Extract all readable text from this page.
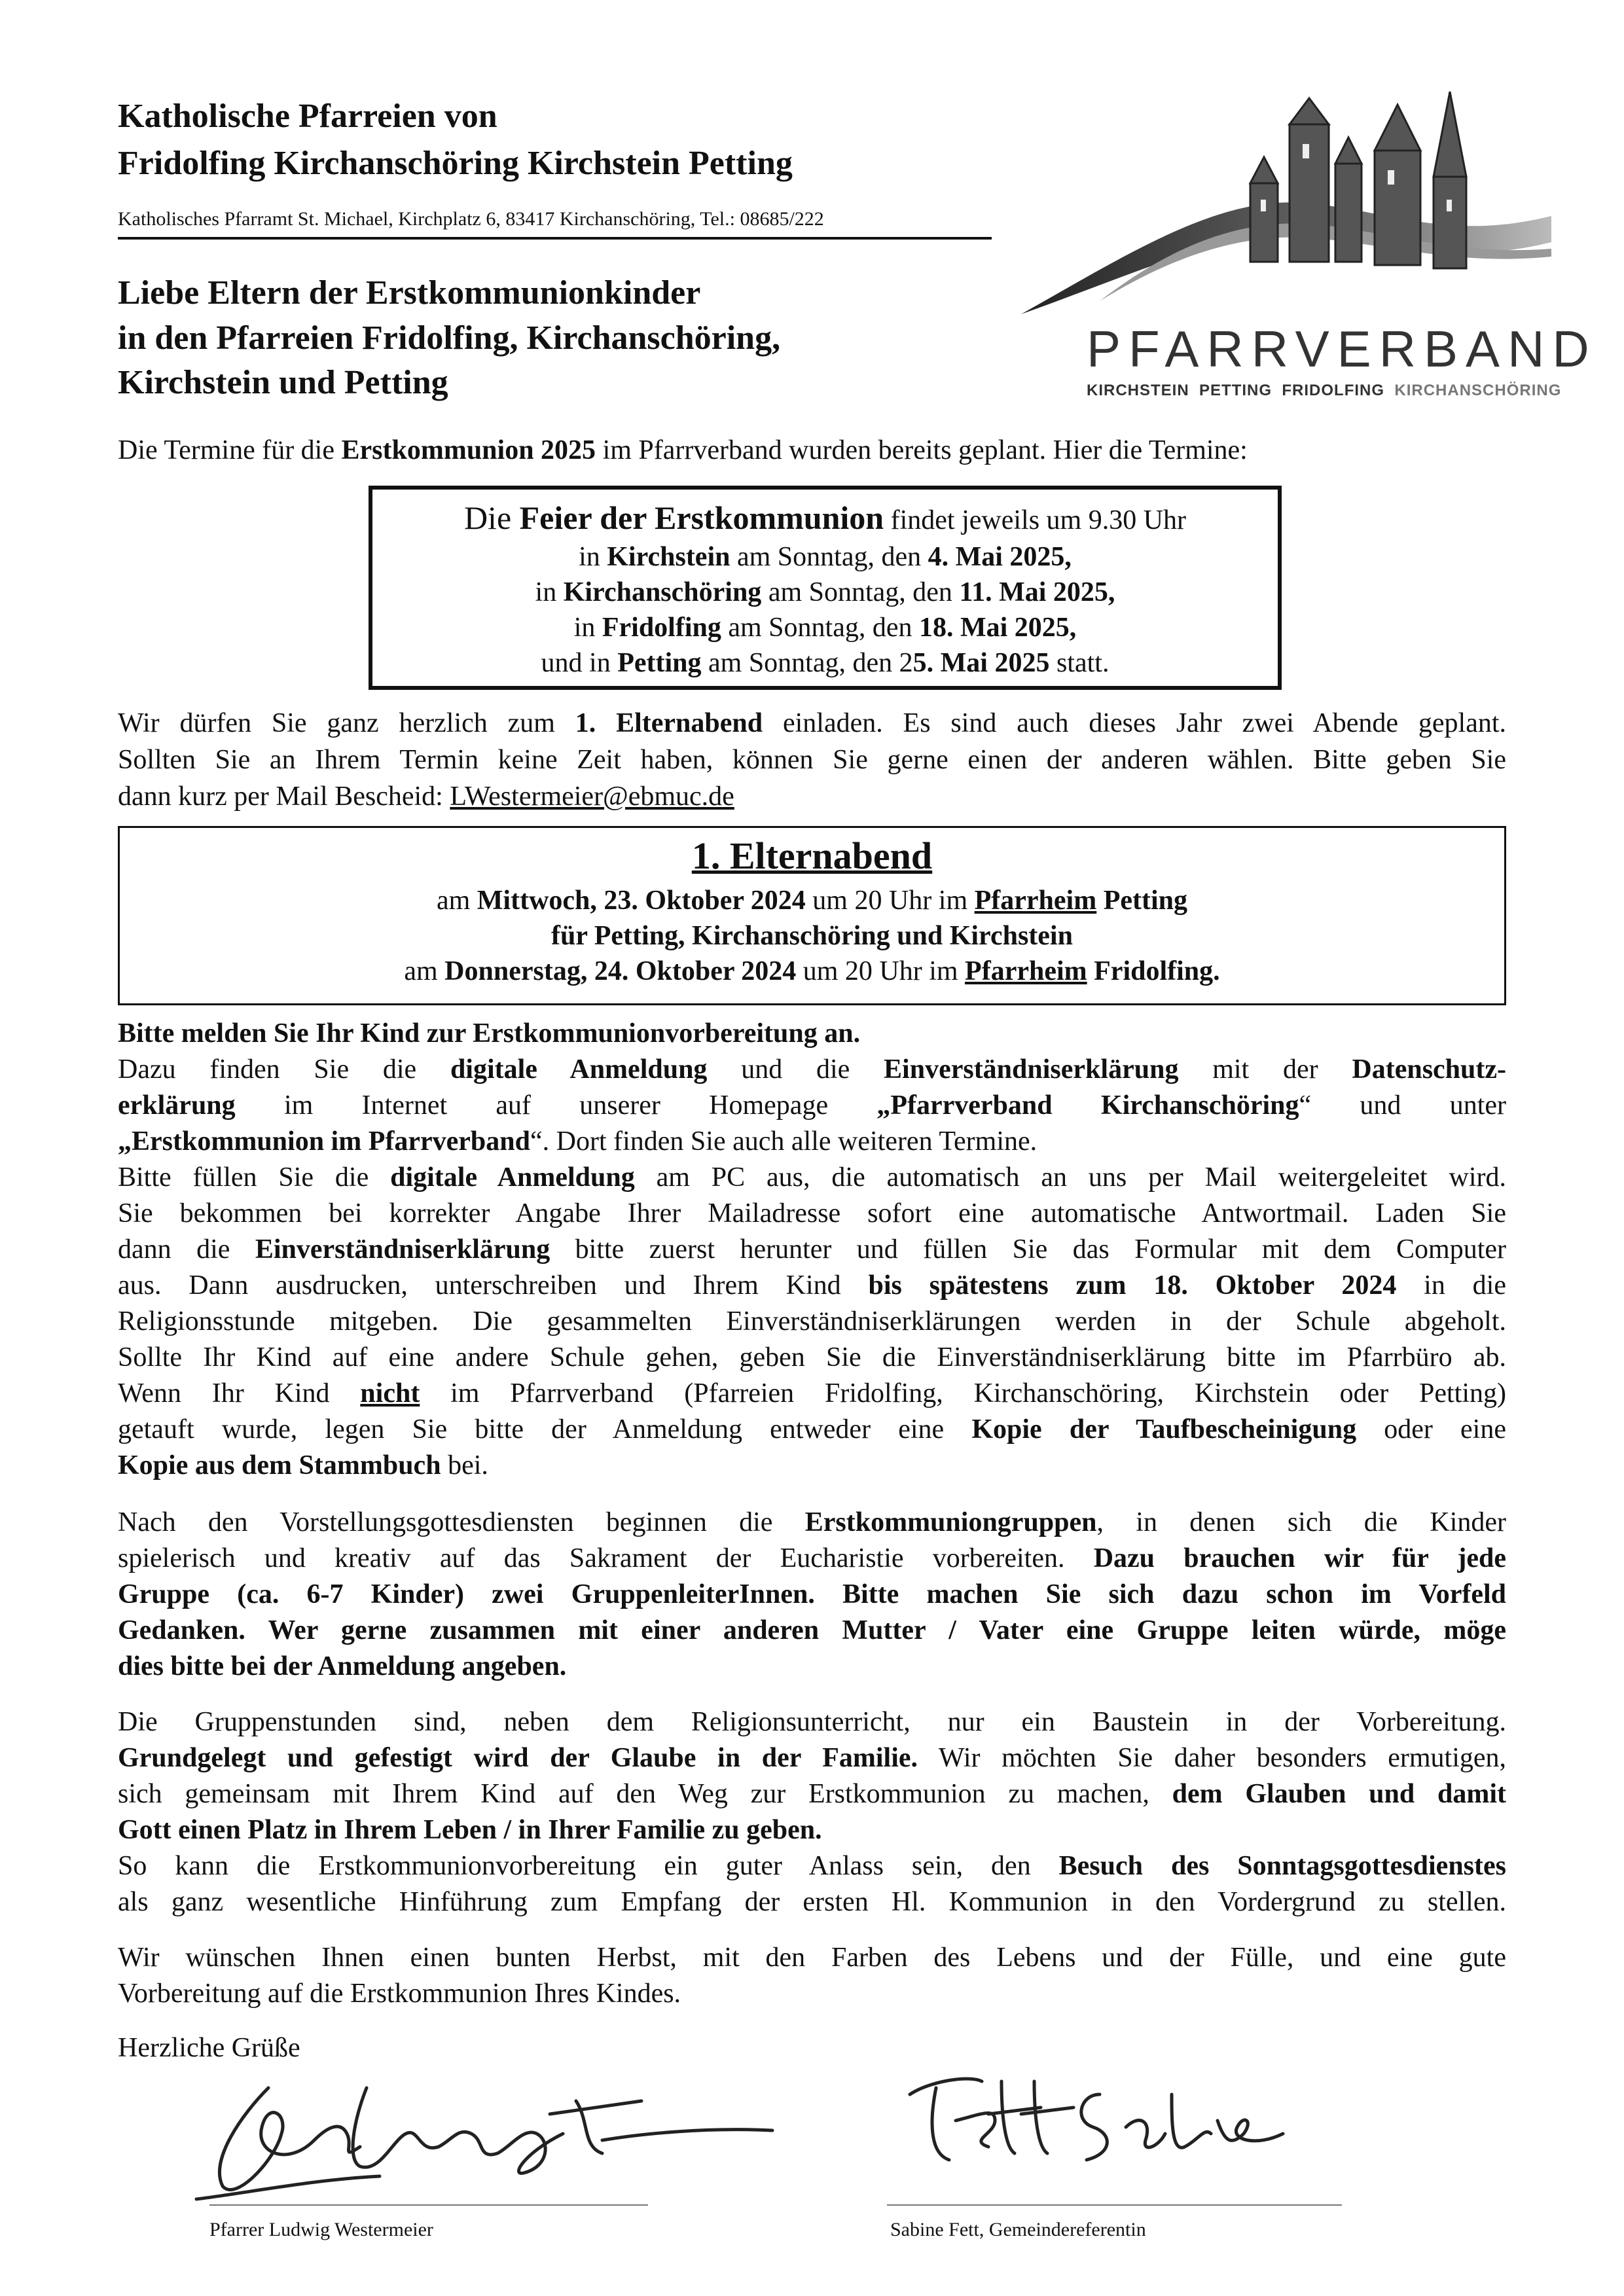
Katholische Pfarreien von
Fridolfing Kirchanschöring Kirchstein Petting
Katholisches Pfarramt St. Michael, Kirchplatz 6, 83417 Kirchanschöring, Tel.: 08685/222
PFARRVERBAND
KIRCHSTEIN PETTING FRIDOLFING KIRCHANSCHÖRING
Liebe Eltern der Erstkommunionkinder
in den Pfarreien Fridolfing, Kirchanschöring,
Kirchstein und Petting
Die Termine für die Erstkommunion 2025 im Pfarrverband wurden bereits geplant. Hier die Termine:
Die Feier der Erstkommunion findet jeweils um 9.30 Uhr
in Kirchstein am Sonntag, den 4. Mai 2025,
in Kirchanschöring am Sonntag, den 11. Mai 2025,
in Fridolfing am Sonntag, den 18. Mai 2025,
und in Petting am Sonntag, den 25. Mai 2025 statt.
Wir dürfen Sie ganz herzlich zum 1. Elternabend einladen. Es sind auch dieses Jahr zwei Abende geplant.
Sollten Sie an Ihrem Termin keine Zeit haben, können Sie gerne einen der anderen wählen. Bitte geben Sie
dann kurz per Mail Bescheid: LWestermeier@ebmuc.de
1. Elternabend
am Mittwoch, 23. Oktober 2024 um 20 Uhr im Pfarrheim Petting
für Petting, Kirchanschöring und Kirchstein
am Donnerstag, 24. Oktober 2024 um 20 Uhr im Pfarrheim Fridolfing.
Bitte melden Sie Ihr Kind zur Erstkommunionvorbereitung an.
Dazu finden Sie die digitale Anmeldung und die Einverständniserklärung mit der Datenschutz-
erklärung im Internet auf unserer Homepage „Pfarrverband Kirchanschöring“ und unter
„Erstkommunion im Pfarrverband“. Dort finden Sie auch alle weiteren Termine.
Bitte füllen Sie die digitale Anmeldung am PC aus, die automatisch an uns per Mail weitergeleitet wird.
Sie bekommen bei korrekter Angabe Ihrer Mailadresse sofort eine automatische Antwortmail. Laden Sie
dann die Einverständniserklärung bitte zuerst herunter und füllen Sie das Formular mit dem Computer
aus. Dann ausdrucken, unterschreiben und Ihrem Kind bis spätestens zum 18. Oktober 2024 in die
Religionsstunde mitgeben. Die gesammelten Einverständniserklärungen werden in der Schule abgeholt.
Sollte Ihr Kind auf eine andere Schule gehen, geben Sie die Einverständniserklärung bitte im Pfarrbüro ab.
Wenn Ihr Kind nicht im Pfarrverband (Pfarreien Fridolfing, Kirchanschöring, Kirchstein oder Petting)
getauft wurde, legen Sie bitte der Anmeldung entweder eine Kopie der Taufbescheinigung oder eine
Kopie aus dem Stammbuch bei.
Nach den Vorstellungsgottesdiensten beginnen die Erstkommuniongruppen, in denen sich die Kinder
spielerisch und kreativ auf das Sakrament der Eucharistie vorbereiten. Dazu brauchen wir für jede
Gruppe (ca. 6-7 Kinder) zwei GruppenleiterInnen. Bitte machen Sie sich dazu schon im Vorfeld
Gedanken. Wer gerne zusammen mit einer anderen Mutter / Vater eine Gruppe leiten würde, möge
dies bitte bei der Anmeldung angeben.
Die Gruppenstunden sind, neben dem Religionsunterricht, nur ein Baustein in der Vorbereitung.
Grundgelegt und gefestigt wird der Glaube in der Familie. Wir möchten Sie daher besonders ermutigen,
sich gemeinsam mit Ihrem Kind auf den Weg zur Erstkommunion zu machen, dem Glauben und damit
Gott einen Platz in Ihrem Leben / in Ihrer Familie zu geben.
So kann die Erstkommunionvorbereitung ein guter Anlass sein, den Besuch des Sonntagsgottesdienstes
als ganz wesentliche Hinführung zum Empfang der ersten Hl. Kommunion in den Vordergrund zu stellen.
Wir wünschen Ihnen einen bunten Herbst, mit den Farben des Lebens und der Fülle, und eine gute
Vorbereitung auf die Erstkommunion Ihres Kindes.
Herzliche Grüße
Pfarrer Ludwig Westermeier	Sabine Fett, Gemeindereferentin
